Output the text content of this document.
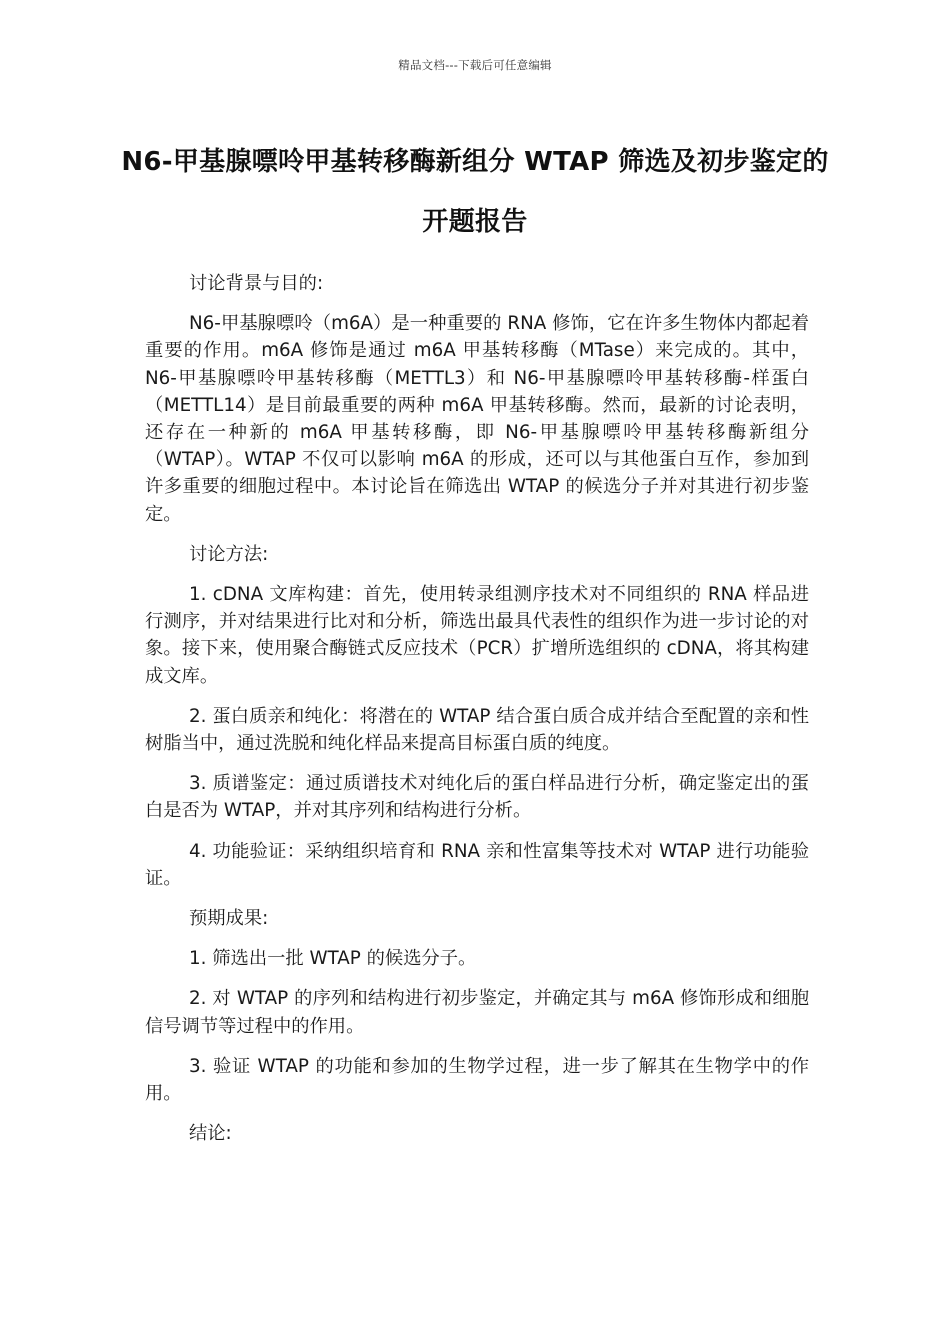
精品文档---下载后可任意编辑
N6-甲基腺嘌呤甲基转移酶新组分 WTAP 筛选及初步鉴定的开题报告

讨论背景与目的:

N6-甲基腺嘌呤（m6A）是一种重要的 RNA 修饰，它在许多生物体内都起着重要的作用。m6A 修饰是通过 m6A 甲基转移酶（MTase）来完成的。其中，N6-甲基腺嘌呤甲基转移酶（METTL3）和 N6-甲基腺嘌呤甲基转移酶-样蛋白（METTL14）是目前最重要的两种 m6A 甲基转移酶。然而，最新的讨论表明，还存在一种新的 m6A 甲基转移酶，即 N6-甲基腺嘌呤甲基转移酶新组分（WTAP）。WTAP 不仅可以影响 m6A 的形成，还可以与其他蛋白互作，参加到许多重要的细胞过程中。本讨论旨在筛选出 WTAP 的候选分子并对其进行初步鉴定。

讨论方法:

1. cDNA 文库构建：首先，使用转录组测序技术对不同组织的 RNA 样品进行测序，并对结果进行比对和分析，筛选出最具代表性的组织作为进一步讨论的对象。接下来，使用聚合酶链式反应技术（PCR）扩增所选组织的 cDNA，将其构建成文库。

2. 蛋白质亲和纯化：将潜在的 WTAP 结合蛋白质合成并结合至配置的亲和性树脂当中，通过洗脱和纯化样品来提高目标蛋白质的纯度。

3. 质谱鉴定：通过质谱技术对纯化后的蛋白样品进行分析，确定鉴定出的蛋白是否为 WTAP，并对其序列和结构进行分析。

4. 功能验证：采纳组织培育和 RNA 亲和性富集等技术对 WTAP 进行功能验证。

预期成果:

1. 筛选出一批 WTAP 的候选分子。

2. 对 WTAP 的序列和结构进行初步鉴定，并确定其与 m6A 修饰形成和细胞信号调节等过程中的作用。

3. 验证 WTAP 的功能和参加的生物学过程，进一步了解其在生物学中的作用。

结论:
